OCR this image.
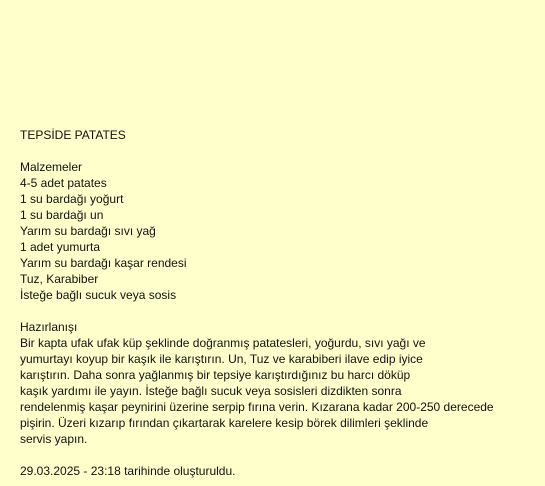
TEPSİDE PATATES
Malzemeler
4-5 adet patates
1 su bardağı yoğurt
1 su bardağı un
Yarım su bardağı sıvı yağ
1 adet yumurta
Yarım su bardağı kaşar rendesi
Tuz, Karabiber
İsteğe bağlı sucuk veya sosis
Hazırlanışı
Bir kapta ufak ufak küp şeklinde doğranmış patatesleri, yoğurdu, sıvı yağı ve
yumurtayı koyup bir kaşık ile karıştırın. Un, Tuz ve karabiberi ilave edip iyice
karıştırın. Daha sonra yağlanmış bir tepsiye karıştırdığınız bu harcı döküp
kaşık yardımı ile yayın. İsteğe bağlı sucuk veya sosisleri dizdikten sonra
rendelenmiş kaşar peynirini üzerine serpip fırına verin. Kızarana kadar 200-250 derecede
pişirin. Üzeri kızarıp fırından çıkartarak karelere kesip börek dilimleri şeklinde
servis yapın.
29.03.2025 - 23:18 tarihinde oluşturuldu.
